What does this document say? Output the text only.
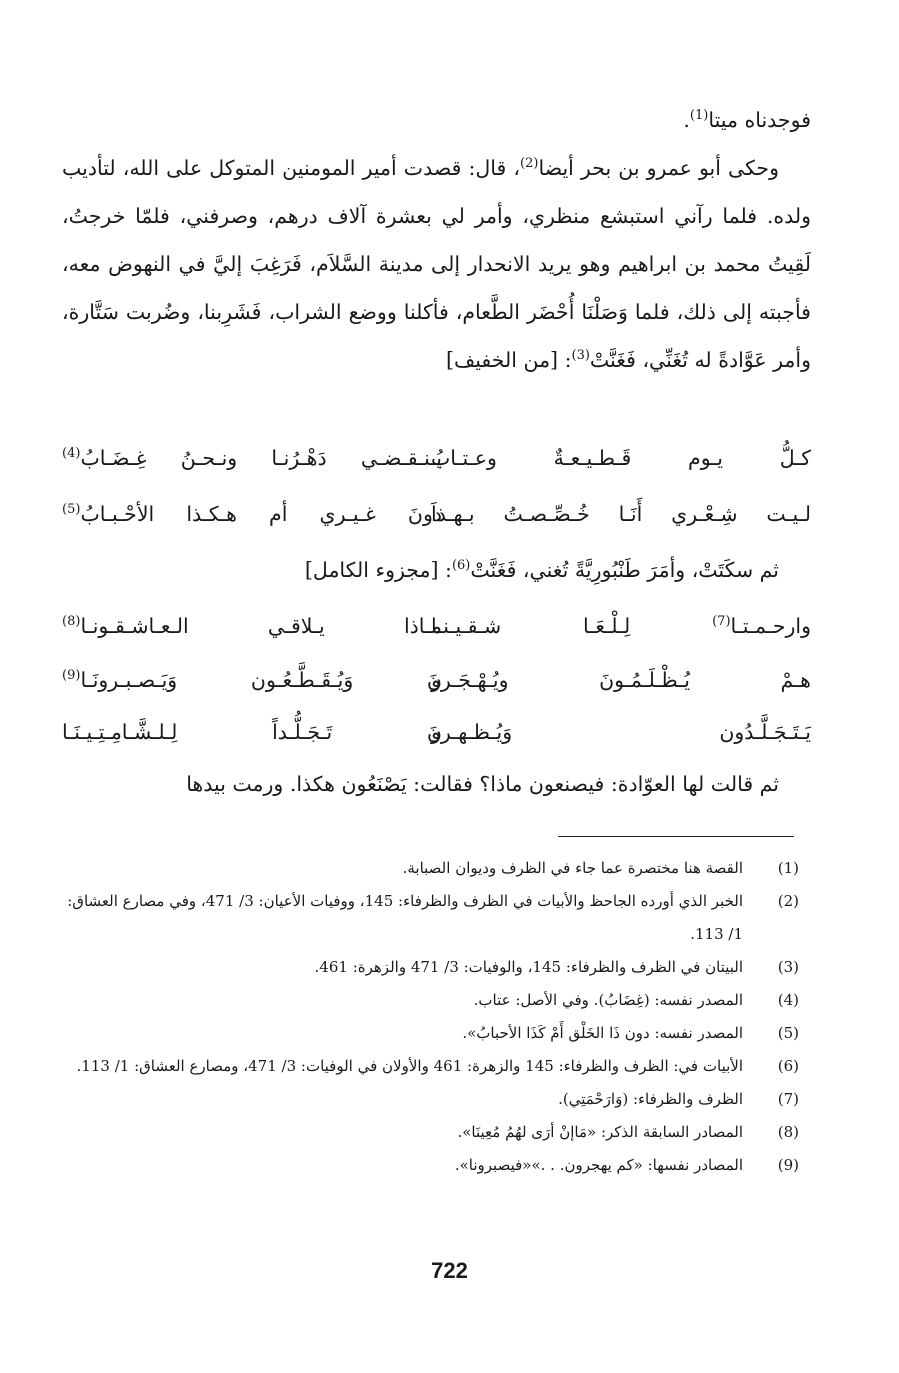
فوجدناه ميتا$^{(1)}$.

وحكى أبو عمرو بن بحر أيضا$^{(2)}$، قال: قصدت أمير المومنين المتوكل على الله، لتأديب ولده. فلما رآني استبشع منظري، وأمر لي بعشرة آلاف درهم، وصرفني، فلمّا خرجتُ، لَقِيتُ محمد بن ابراهيم وهو يريد الانحدار إلى مدينة السَّلاَم، فَرَغِبَ إليَّ في النهوض معه، فأجبته إلى ذلك، فلما وَصَلْنَا أُحْضَر الطَّعام، فأكلنا ووضع الشراب، فَشَرِبنا، وضُربت سَتَّارة، وأمر عَوَّادةً له تُغَنِّي، فَغَنَّتْ$^{(3)}$: [من الخفيف]

كـلُّ يـوم قَـطـيـعـةٌ وعـتـابُ
يـنـقـضـي دَهْـرُنـا ونـحـنُ غِـضَـابُ$^{(4)}$
لـيـت شِـعْـري أَنَـا خُـصِّـصـتُ بـهـذاَ
دونَ غـيـري أم هـكـذا الأحْـبـابُ$^{(5)}$
ثم سكَتَتْ، وأمَرَ طَنْبُورِيَّةً تُغني، فَغَنَّتْ$^{(6)}$: [مجزوء الكامل]
وارحـمـتـا$^{(7)}$ لِـلْـعَـا شـقـيـنـا
مـاذا يـلاقـي الـعـاشـقـونـا$^{(8)}$
هـمْ يُـظْـلَـمُـونَ ويُـهْـجَـرو
نَ وَيُـقَـطَّـعُـون وَيَـصـبـرونَـا$^{(9)}$
يَـتَـجَـلَّـدُون وَيُـظـهـرو
نَ تَـجَـلُّـداً لِـلـشَّـامِـتِـيـنَـا
ثم قالت لها العوّادة: فيصنعون ماذا؟ فقالت: يَصْنَعُون هكذا. ورمت بيدها
(1)
القصة هنا مختصرة عما جاء في الظرف وديوان الصبابة.
(2)
الخبر الذي أورده الجاحظ والأبيات في الظرف والظرفاء: 145، ووفيات الأعيان: 3/ 471، وفي مصارع العشاق: 1/ 113.
(3)
البيتان في الظرف والظرفاء: 145، والوفيات: 3/ 471 والزهرة: 461.
(4)
المصدر نفسه: (غِضَابُ). وفي الأصل: عتاب.
(5)
المصدر نفسه: دون ذَا الخَلْق أَمْ كَذَا الأحبابُ».
(6)
الأبيات في: الظرف والظرفاء: 145 والزهرة: 461 والأولان في الوفيات: 3/ 471، ومصارع العشاق: 1/ 113.
(7)
الظرف والظرفاء: (وَارَحْمَتِي).
(8)
المصادر السابقة الذكر: «مَاإنْ أرَى لهُمُ مُعِينَا».
(9)
المصادر نفسها: «كم يهجرون. . .»«فيصبرونا».
722
